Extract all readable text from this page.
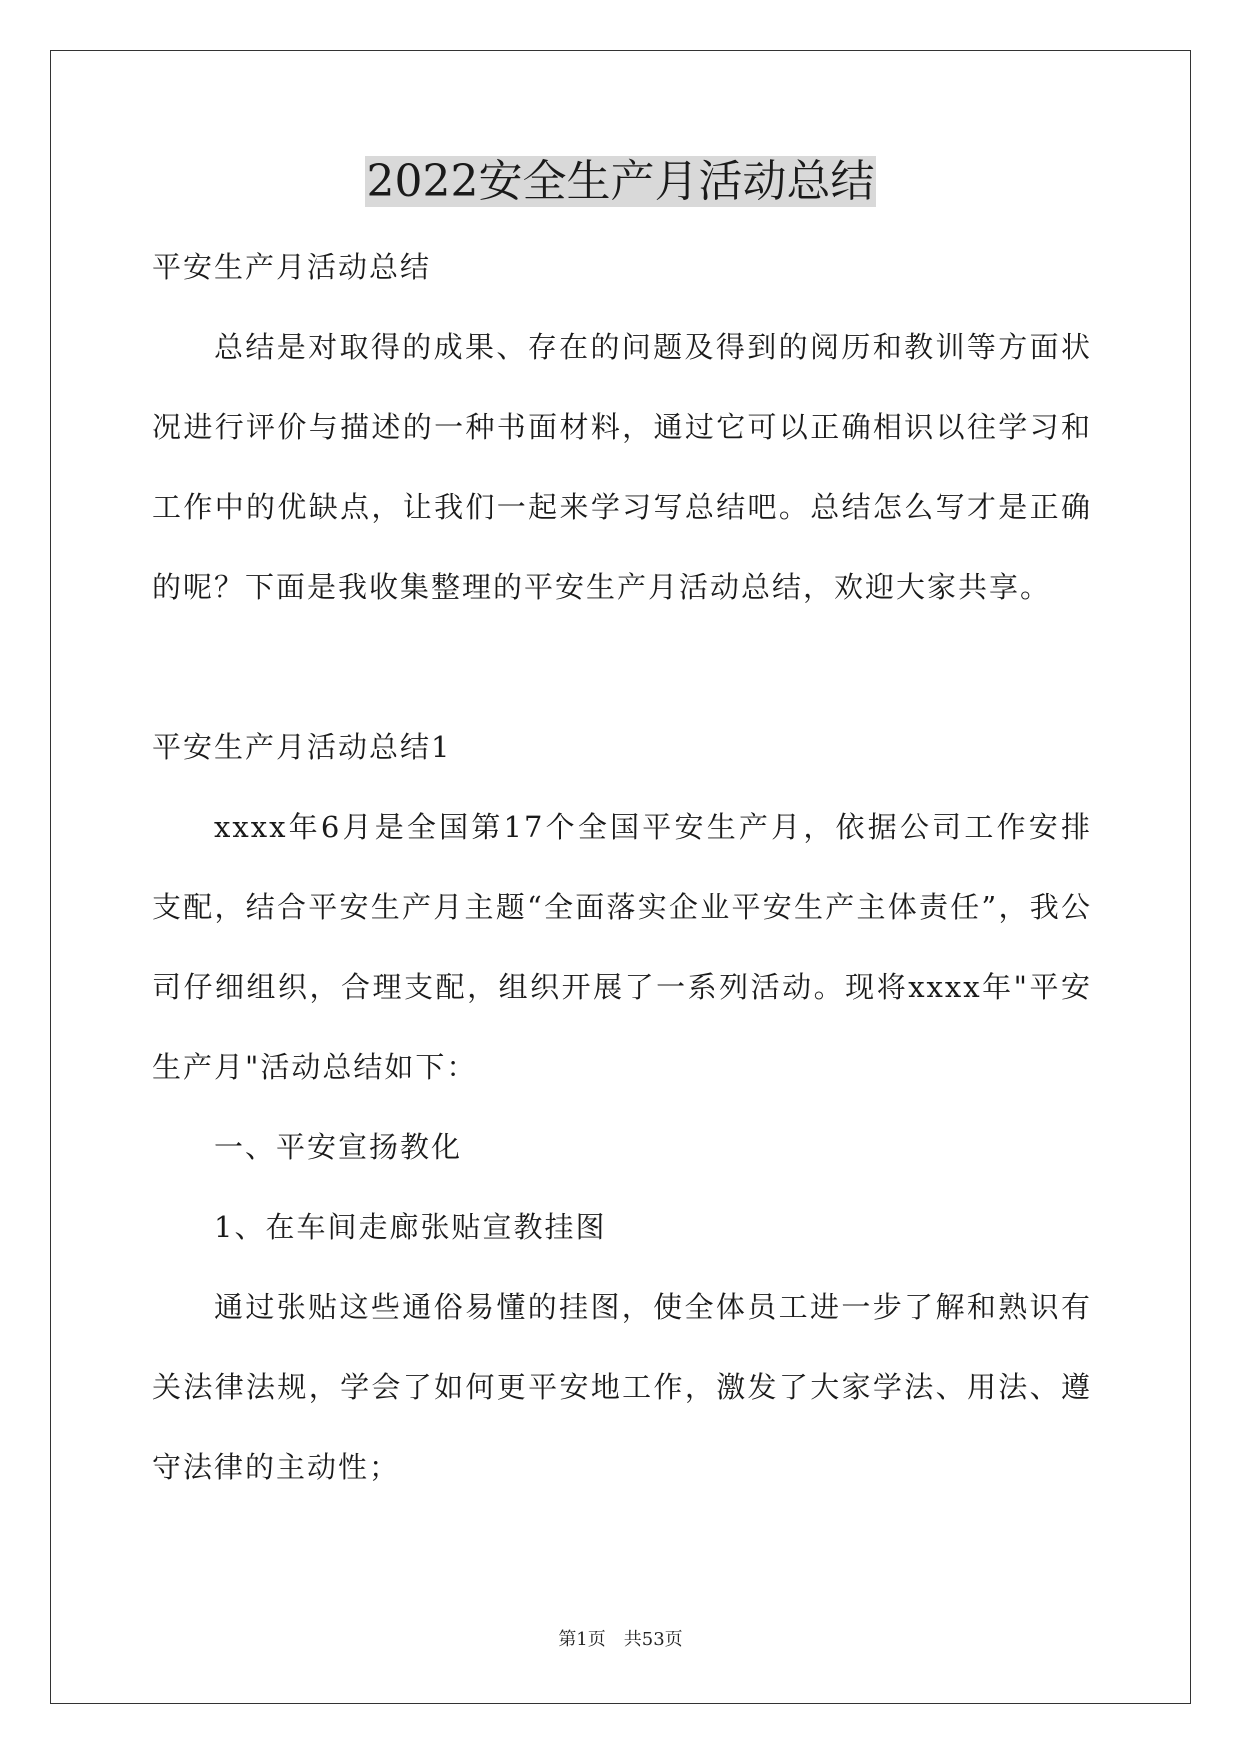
2022安全生产月活动总结

平安生产月活动总结

总结是对取得的成果、存在的问题及得到的阅历和教训等方面状况进行评价与描述的一种书面材料，通过它可以正确相识以往学习和工作中的优缺点，让我们一起来学习写总结吧。总结怎么写才是正确的呢？下面是我收集整理的平安生产月活动总结，欢迎大家共享。

平安生产月活动总结1

xxxx年6月是全国第17个全国平安生产月，依据公司工作安排支配，结合平安生产月主题“全面落实企业平安生产主体责任”，我公司仔细组织，合理支配，组织开展了一系列活动。现将xxxx年"平安生产月"活动总结如下：

一、平安宣扬教化

1、在车间走廊张贴宣教挂图

通过张贴这些通俗易懂的挂图，使全体员工进一步了解和熟识有关法律法规，学会了如何更平安地工作，激发了大家学法、用法、遵守法律的主动性；

第1页 共53页
